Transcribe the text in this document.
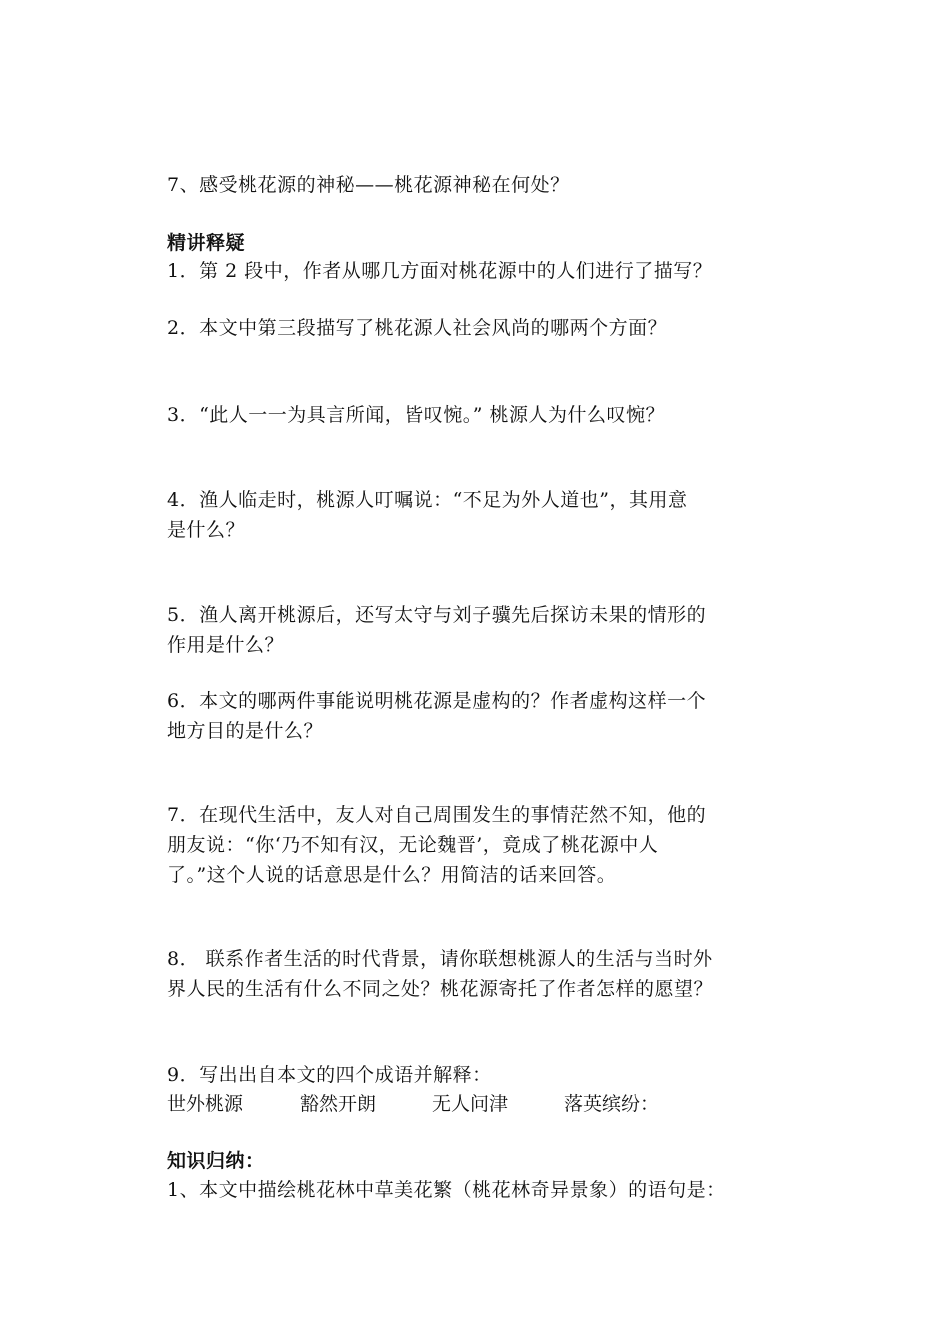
7、感受桃花源的神秘——桃花源神秘在何处？
精讲释疑
1．第 2 段中，作者从哪几方面对桃花源中的人们进行了描写？
2．本文中第三段描写了桃花源人社会风尚的哪两个方面？
3．“此人一一为具言所闻，皆叹惋。” 桃源人为什么叹惋？
4．渔人临走时，桃源人叮嘱说：“不足为外人道也”，其用意
是什么？
5．渔人离开桃源后，还写太守与刘子骥先后探访未果的情形的
作用是什么？
6．本文的哪两件事能说明桃花源是虚构的？作者虚构这样一个
地方目的是什么？
7．在现代生活中，友人对自己周围发生的事情茫然不知，他的
朋友说：“你‘乃不知有汉，无论魏晋’，竟成了桃花源中人
了。”这个人说的话意思是什么？用简洁的话来回答。
8． 联系作者生活的时代背景，请你联想桃源人的生活与当时外
界人民的生活有什么不同之处？桃花源寄托了作者怎样的愿望？
9．写出出自本文的四个成语并解释：
世外桃源	豁然开朗	无人问津	落英缤纷：
知识归纳：
1、本文中描绘桃花林中草美花繁（桃花林奇异景象）的语句是：
